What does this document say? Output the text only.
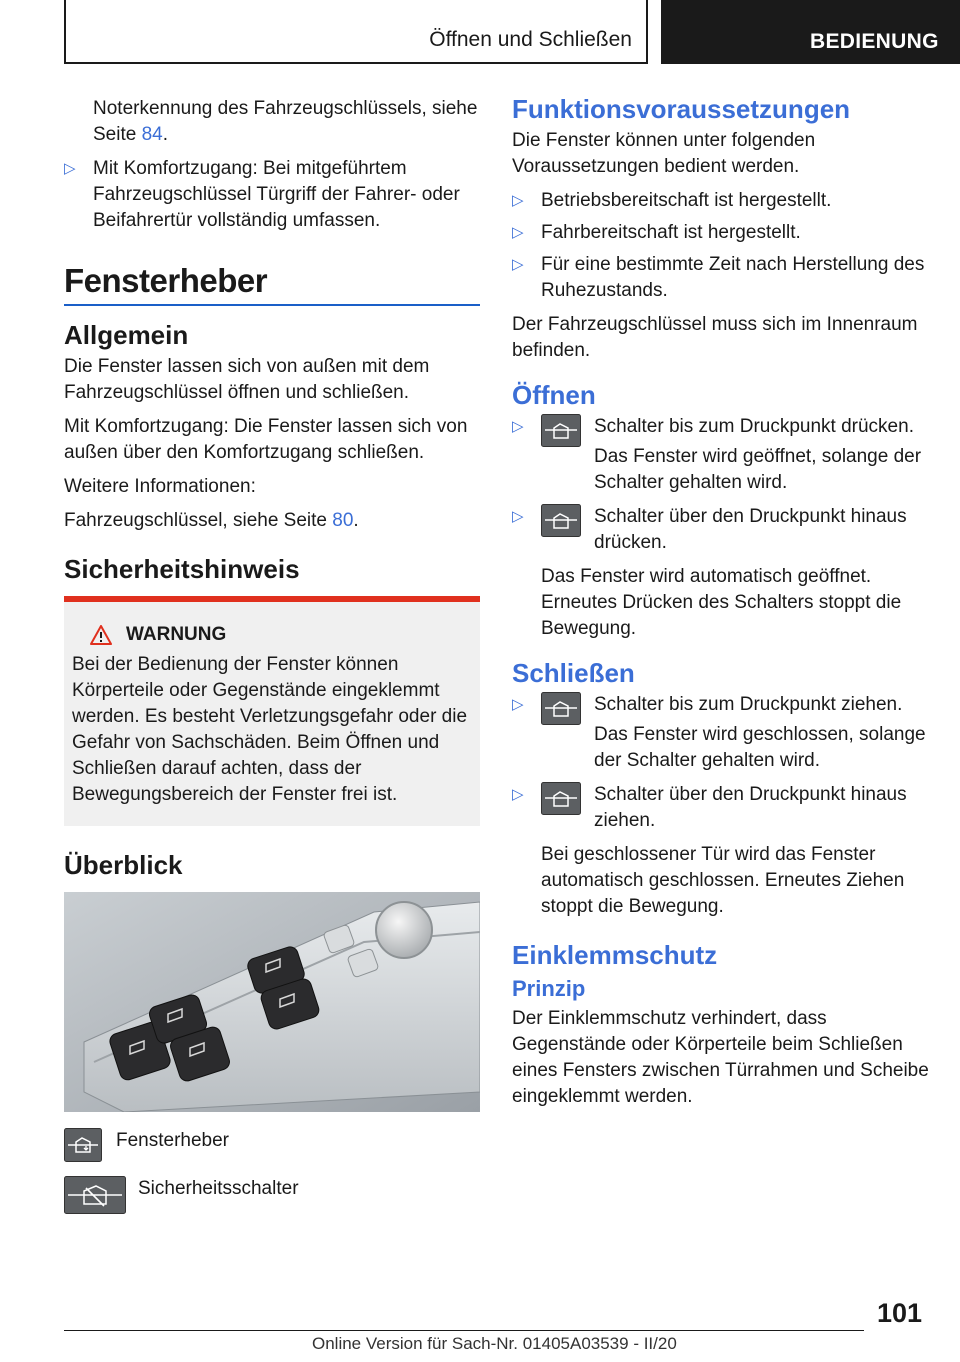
Öffnen und Schließen	BEDIENUNG

Noterkennung des Fahrzeugschlüssels, siehe Seite 84.

▷ Mit Komfortzugang: Bei mitgeführtem Fahrzeugschlüssel Türgriff der Fahrer- oder Beifahrertür vollständig umfassen.
Fensterheber
Allgemein

Die Fenster lassen sich von außen mit dem Fahrzeugschlüssel öffnen und schließen.

Mit Komfortzugang: Die Fenster lassen sich von außen über den Komfortzugang schließen.

Weitere Informationen:

Fahrzeugschlüssel, siehe Seite 80.

Sicherheitshinweis
WARNUNG
Bei der Bedienung der Fenster können Körperteile oder Gegenstände eingeklemmt werden. Es besteht Verletzungsgefahr oder die Gefahr von Sachschäden. Beim Öffnen und Schließen darauf achten, dass der Bewegungsbereich der Fenster frei ist.
Überblick
Fensterheber
Sicherheitsschalter
Funktionsvoraussetzungen

Die Fenster können unter folgenden Voraussetzungen bedient werden.

▷ Betriebsbereitschaft ist hergestellt.
▷ Fahrbereitschaft ist hergestellt.
▷ Für eine bestimmte Zeit nach Herstellung des Ruhezustands.

Der Fahrzeugschlüssel muss sich im Innenraum befinden.

Öffnen
▷	Schalter bis zum Druckpunkt drücken.
Das Fenster wird geöffnet, solange der Schalter gehalten wird.
▷	Schalter über den Druckpunkt hinaus drücken.
Das Fenster wird automatisch geöffnet. Erneutes Drücken des Schalters stoppt die Bewegung.
Schließen
▷	Schalter bis zum Druckpunkt ziehen.
Das Fenster wird geschlossen, solange der Schalter gehalten wird.
▷	Schalter über den Druckpunkt hinaus ziehen.
Bei geschlossener Tür wird das Fenster automatisch geschlossen. Erneutes Ziehen stoppt die Bewegung.
Einklemmschutz
Prinzip

Der Einklemmschutz verhindert, dass Gegenstände oder Körperteile beim Schließen eines Fensters zwischen Türrahmen und Scheibe eingeklemmt werden.

101
Online Version für Sach-Nr. 01405A03539 - II/20
